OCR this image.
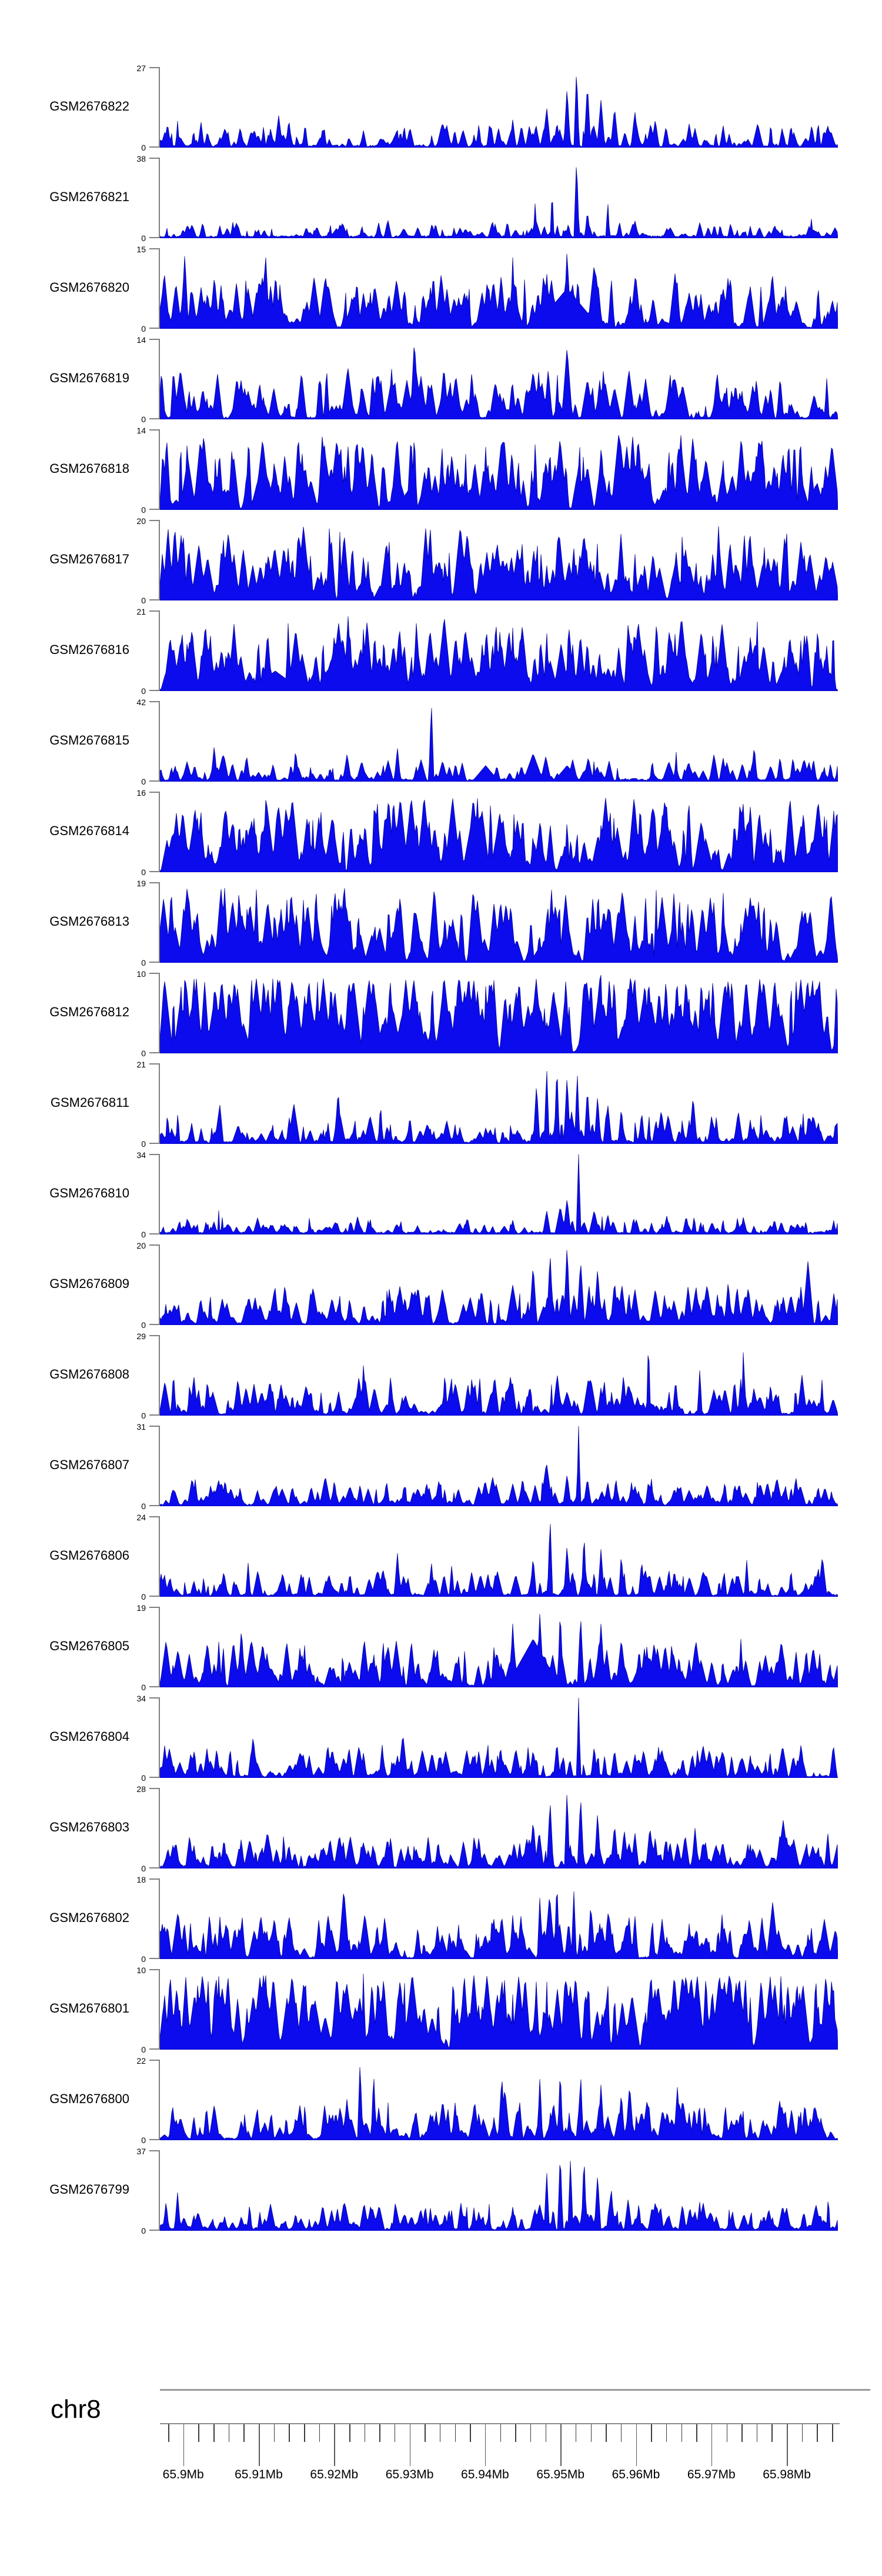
GSM2676822
27
0
GSM2676821
38
0
GSM2676820
15
0
GSM2676819
14
0
GSM2676818
14
0
GSM2676817
20
0
GSM2676816
21
0
GSM2676815
42
0
GSM2676814
16
0
GSM2676813
19
0
GSM2676812
10
0
GSM2676811
21
0
GSM2676810
34
0
GSM2676809
20
0
GSM2676808
29
0
GSM2676807
31
0
GSM2676806
24
0
GSM2676805
19
0
GSM2676804
34
0
GSM2676803
28
0
GSM2676802
18
0
GSM2676801
10
0
GSM2676800
22
0
GSM2676799
37
0
chr8
65.9Mb	65.91Mb	65.92Mb	65.93Mb	65.94Mb	65.95Mb	65.96Mb	65.97Mb	65.98Mb
